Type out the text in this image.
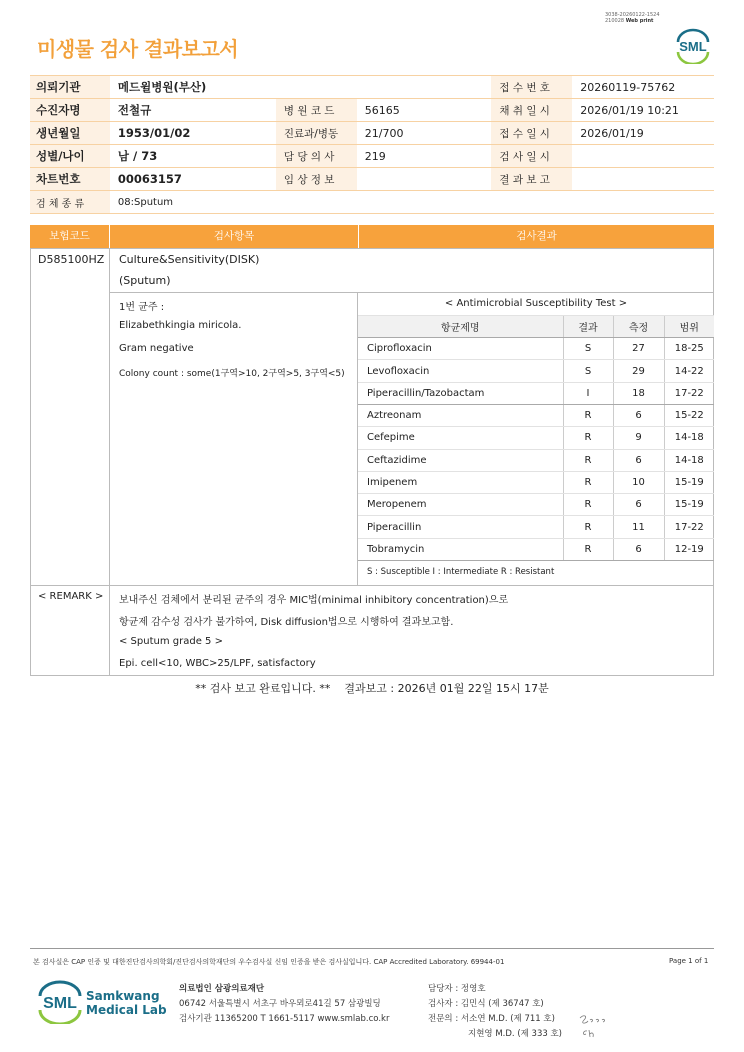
3038-20260122-1524
210028 Web print
미생물 검사 결과보고서	SML
의뢰기관	메드윌병원(부산)			접 수 번 호	20260119-75762
수진자명	전철규	병 원 코 드	56165	채 취 일 시	2026/01/19 10:21
생년월일	1953/01/02	진료과/병동	21/700	접 수 일 시	2026/01/19
성별/나이	남 / 73	담 당 의 사	219	검 사 일 시	
차트번호	00063157	임 상 정 보		결 과 보 고	
검 체 종 류	08:Sputum				
보험코드	검사항목	검사결과
D585100HZ Culture&Sensitivity(DISK)
(Sputum)
1번 균주 :
Elizabethkingia miricola.
Gram negative
Colony count : some(1구역>10, 2구역>5, 3구역<5)
< Antimicrobial Susceptibility Test >			
항균제명	결과	측정	범위
Ciprofloxacin	S	27	18-25
Levofloxacin	S	29	14-22
Piperacillin/Tazobactam	I	18	17-22
Aztreonam	R	6	15-22
Cefepime	R	9	14-18
Ceftazidime	R	6	14-18
Imipenem	R	10	15-19
Meropenem	R	6	15-19
Piperacillin	R	11	17-22
Tobramycin	R	6	12-19
S : Susceptible I : Intermediate R : Resistant			
< REMARK > 보내주신 검체에서 분리된 균주의 경우 MIC법(minimal inhibitory concentration)으로
항균제 감수성 검사가 불가하여, Disk diffusion법으로 시행하여 결과보고함.
< Sputum grade 5 >
Epi. cell<10, WBC>25/LPF, satisfactory
** 검사 보고 완료입니다. **    결과보고 : 2026년 01월 22일 15시 17분
본 검사실은 CAP 인증 및 대한진단검사의학회/진단검사의학재단의 우수검사실 신임 인증을 받은 검사실입니다. CAP Accredited Laboratory. 69944-01	Page 1 of 1
SML Samkwang
Medical Lab
의료법인 삼광의료재단
06742 서울특별시 서초구 바우뫼로41길 57 삼광빌딩
검사기관 11365200 T 1661-5117 www.smlab.co.kr
담당자 : 정영호
검사자 : 김민식 (제 36747 호)
전문의 : 서소연 M.D. (제 711 호)
지현영 M.D. (제 333 호)
